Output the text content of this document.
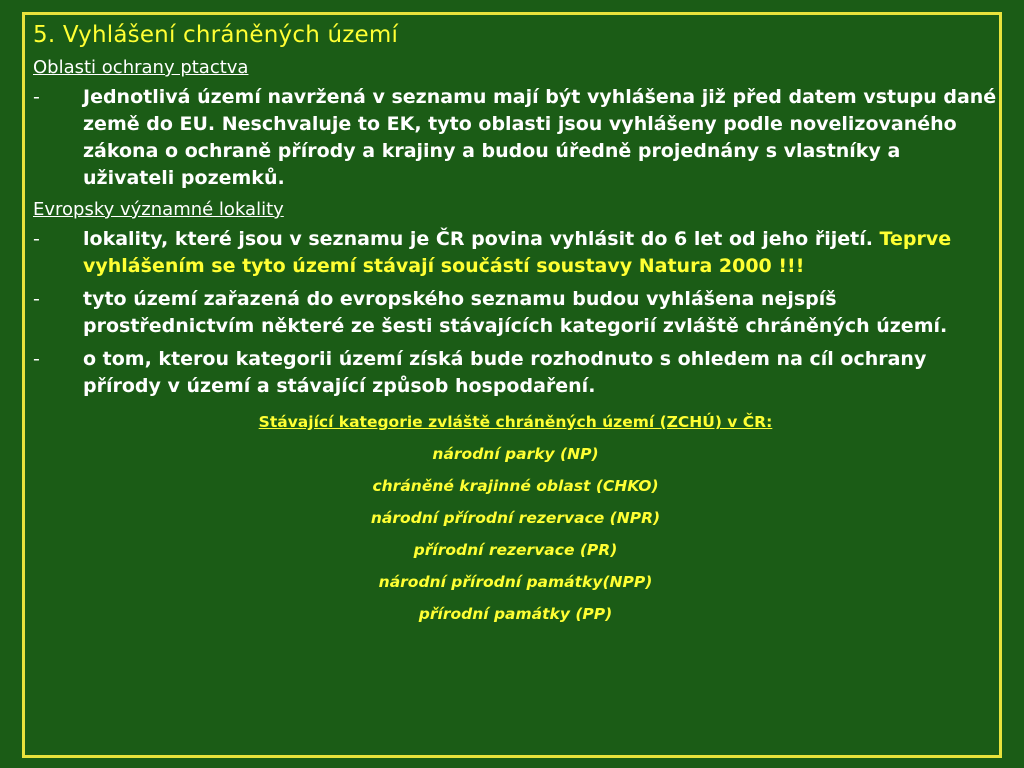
5. Vyhlášení chráněných území
Oblasti ochrany ptactva
-	Jednotlivá území navržená v seznamu mají být vyhlášena již před datem vstupu dané země do EU. Neschvaluje to EK, tyto oblasti jsou vyhlášeny podle novelizovaného zákona o ochraně přírody a krajiny a budou úředně projednány s vlastníky a uživateli pozemků.
Evropsky významné lokality
-	lokality, které jsou v seznamu je ČR povina vyhlásit do 6 let od jeho řijetí. Teprve vyhlášením se tyto území stávají součástí soustavy Natura 2000 !!!
-	tyto území zařazená do evropského seznamu budou vyhlášena nejspíš prostřednictvím některé ze šesti stávajících kategorií zvláště chráněných území.
-	o tom, kterou kategorii území získá bude rozhodnuto s ohledem na cíl ochrany přírody v území a stávající způsob hospodaření.
Stávající kategorie zvláště chráněných území (ZCHÚ) v ČR:
národní parky (NP)
chráněné krajinné oblast (CHKO)
národní přírodní rezervace (NPR)
přírodní rezervace (PR)
národní přírodní památky(NPP)
přírodní památky (PP)
